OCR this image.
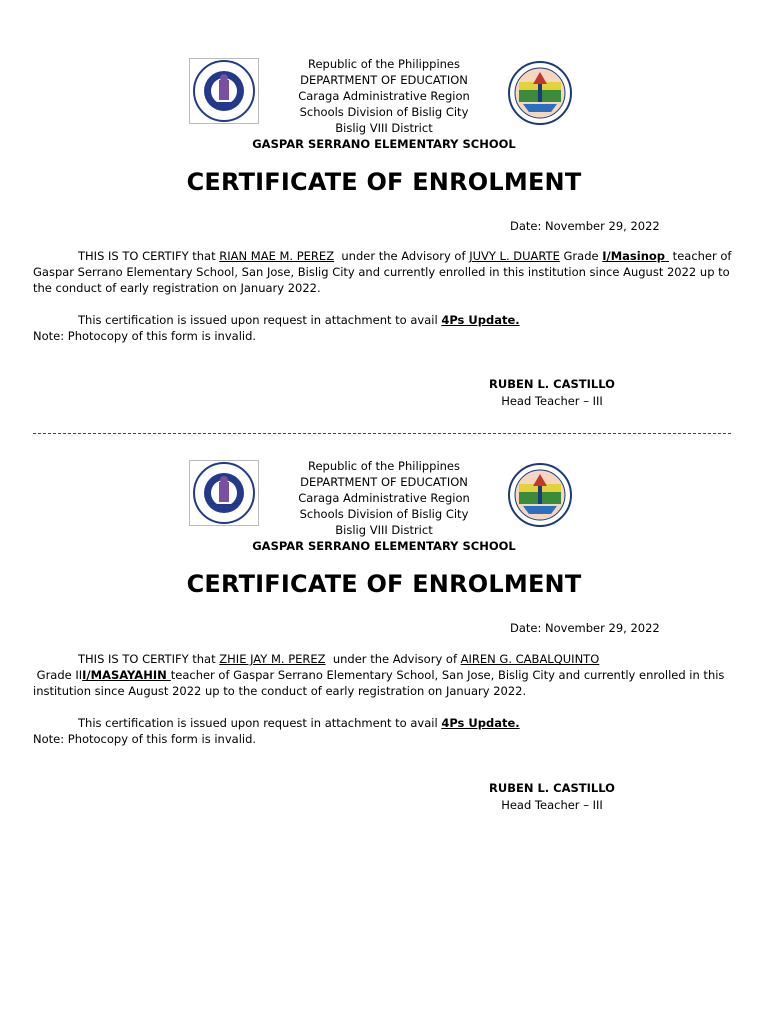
Republic of the Philippines
DEPARTMENT OF EDUCATION
Caraga Administrative Region
Schools Division of Bislig City
Bislig VIII District
GASPAR SERRANO ELEMENTARY SCHOOL
CERTIFICATE OF ENROLMENT
Date: November 29, 2022
THIS IS TO CERTIFY that RIAN MAE M. PEREZ  under the Advisory of JUVY L. DUARTE Grade I/Masinop  teacher of Gaspar Serrano Elementary School, San Jose, Bislig City and currently enrolled in this institution since August 2022 up to the conduct of early registration on January 2022.
This certification is issued upon request in attachment to avail 4Ps Update.
Note: Photocopy of this form is invalid.
RUBEN L. CASTILLO
Head Teacher – III
Republic of the Philippines
DEPARTMENT OF EDUCATION
Caraga Administrative Region
Schools Division of Bislig City
Bislig VIII District
GASPAR SERRANO ELEMENTARY SCHOOL
CERTIFICATE OF ENROLMENT
Date: November 29, 2022
THIS IS TO CERTIFY that ZHIE JAY M. PEREZ  under the Advisory of AIREN G. CABALQUINTO
Grade III/MASAYAHIN teacher of Gaspar Serrano Elementary School, San Jose, Bislig City and currently enrolled in this institution since August 2022 up to the conduct of early registration on January 2022.
This certification is issued upon request in attachment to avail 4Ps Update.
Note: Photocopy of this form is invalid.
RUBEN L. CASTILLO
Head Teacher – III
